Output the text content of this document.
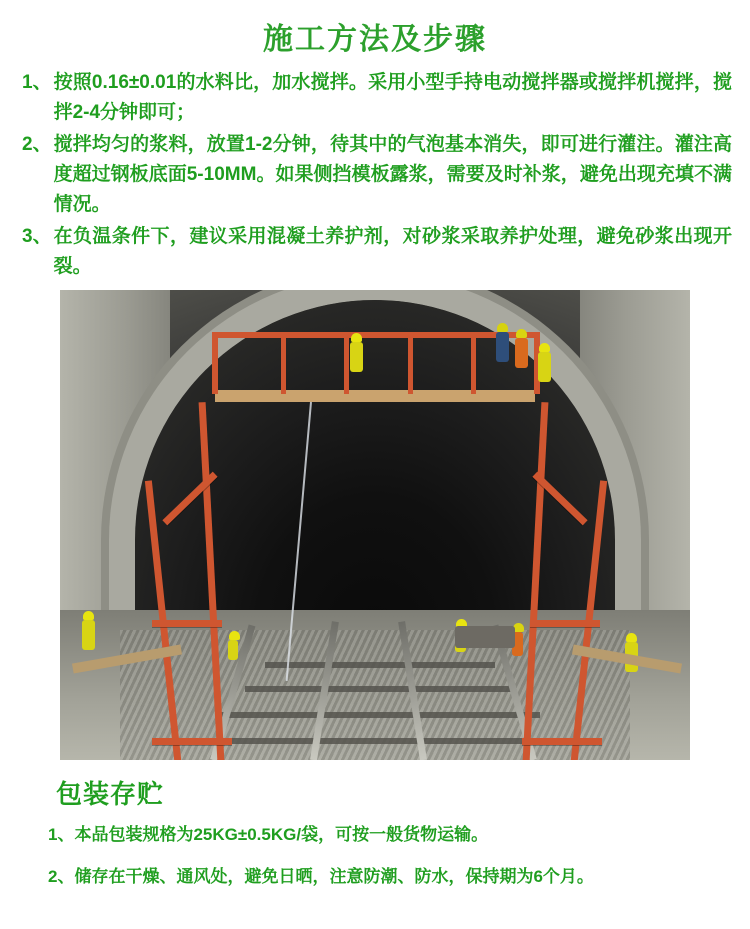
施工方法及步骤
1、 按照0.16±0.01的水料比，加水搅拌。采用小型手持电动搅拌器或搅拌机搅拌，搅拌2-4分钟即可；
2、 搅拌均匀的浆料，放置1-2分钟，待其中的气泡基本消失，即可进行灌注。灌注高度超过钢板底面5-10MM。如果侧挡模板露浆，需要及时补浆，避免出现充填不满情况。
3、 在负温条件下，建议采用混凝土养护剂，对砂浆采取养护处理，避免砂浆出现开裂。
包装存贮
1、 本品包装规格为25KG±0.5KG/袋，可按一般货物运输。
2、 储存在干燥、通风处，避免日晒，注意防潮、防水，保持期为6个月。
